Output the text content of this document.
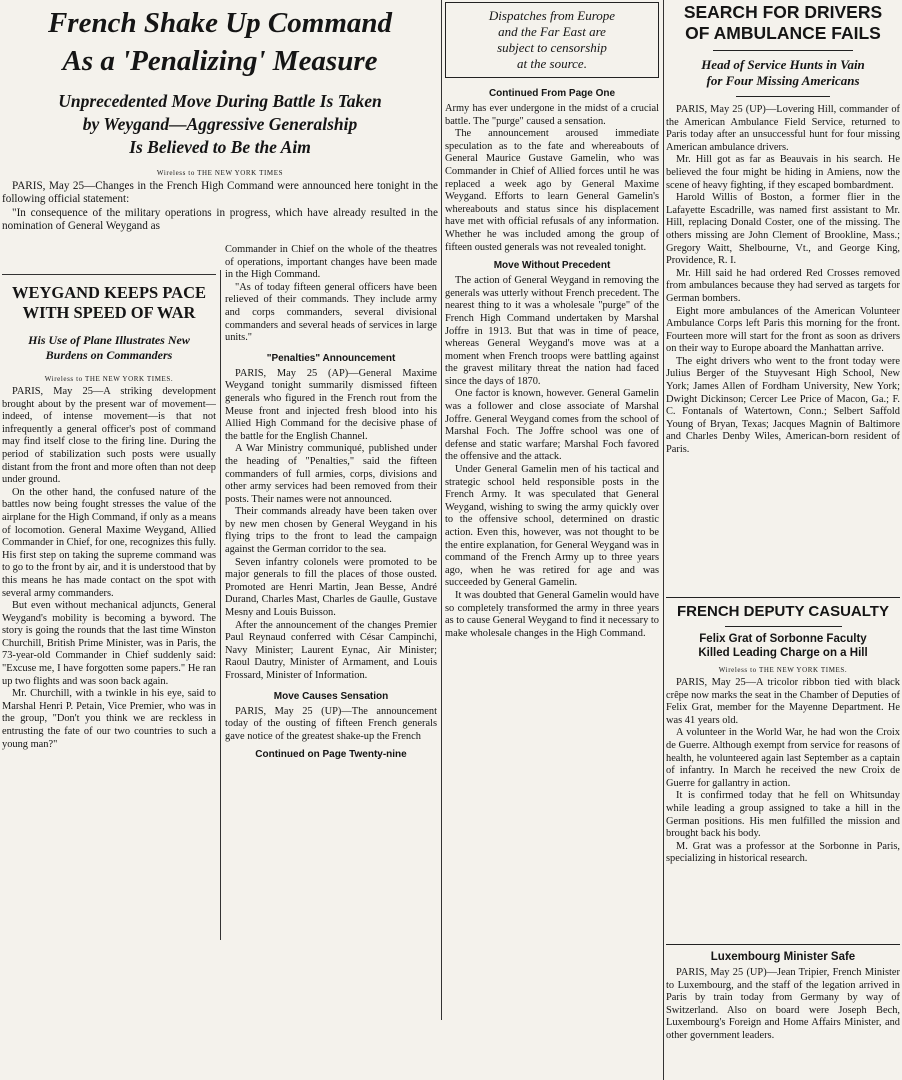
French Shake Up Command
As a 'Penalizing' Measure
Unprecedented Move During Battle Is Taken
by Weygand—Aggressive Generalship
Is Believed to Be the Aim
Wireless to THE NEW YORK TIMES

PARIS, May 25—Changes in the French High Command were announced here tonight in the following official statement:

"In consequence of the military operations in progress, which have already resulted in the nomination of General Weygand as

WEYGAND KEEPS PACE
WITH SPEED OF WAR
His Use of Plane Illustrates New
Burdens on Commanders
Wireless to THE NEW YORK TIMES.

PARIS, May 25—A striking development brought about by the present war of movement—indeed, of intense movement—is that not infrequently a general officer's post of command may find itself close to the firing line. During the period of stabilization such posts were usually distant from the front and more often than not deep under ground.

On the other hand, the confused nature of the battles now being fought stresses the value of the airplane for the High Command, if only as a means of locomotion. General Maxime Weygand, Allied Commander in Chief, for one, recognizes this fully. His first step on taking the supreme command was to go to the front by air, and it is understood that by this means he has made contact on the spot with several army commanders.

But even without mechanical adjuncts, General Weygand's mobility is becoming a byword. The story is going the rounds that the last time Winston Churchill, British Prime Minister, was in Paris, the 73-year-old Commander in Chief suddenly said: "Excuse me, I have forgotten some papers." He ran up two flights and was soon back again.

Mr. Churchill, with a twinkle in his eye, said to Marshal Henri P. Petain, Vice Premier, who was in the group, "Don't you think we are reckless in entrusting the fate of our two countries to such a young man?"

Commander in Chief on the whole of the theatres of operations, important changes have been made in the High Command.

"As of today fifteen general officers have been relieved of their commands. They include army and corps commanders, several divisional commanders and several heads of services in large units."

"Penalties" Announcement

PARIS, May 25 (AP)—General Maxime Weygand tonight summarily dismissed fifteen generals who figured in the French rout from the Meuse front and injected fresh blood into his Allied High Command for the decisive phase of the battle for the English Channel.

A War Ministry communiqué, published under the heading of "Penalties," said the fifteen commanders of full armies, corps, divisions and other army services had been removed from their posts. Their names were not announced.

Their commands already have been taken over by new men chosen by General Weygand in his flying trips to the front to lead the campaign against the German corridor to the sea.

Seven infantry colonels were promoted to be major generals to fill the places of those ousted. Promoted are Henri Martin, Jean Besse, André Durand, Charles Mast, Charles de Gaulle, Gustave Mesny and Louis Buisson.

After the announcement of the changes Premier Paul Reynaud conferred with César Campinchi, Navy Minister; Laurent Eynac, Air Minister; Raoul Dautry, Minister of Armament, and Louis Frossard, Minister of Information.

Move Causes Sensation

PARIS, May 25 (UP)—The announcement today of the ousting of fifteen French generals gave notice of the greatest shake-up the French

Continued on Page Twenty-nine
Dispatches from Europe
and the Far East are
subject to censorship
at the source.
Continued From Page One

Army has ever undergone in the midst of a crucial battle. The "purge" caused a sensation.

The announcement aroused immediate speculation as to the fate and whereabouts of General Maurice Gustave Gamelin, who was Commander in Chief of Allied forces until he was replaced a week ago by General Maxime Weygand. Efforts to learn General Gamelin's whereabouts and status since his displacement have met with official refusals of any information. Whether he was included among the group of fifteen ousted generals was not revealed tonight.

Move Without Precedent

The action of General Weygand in removing the generals was utterly without French precedent. The nearest thing to it was a wholesale "purge" of the French High Command undertaken by Marshal Joffre in 1913. But that was in time of peace, whereas General Weygand's move was at a moment when French troops were battling against the gravest military threat the nation had faced since the days of 1870.

One factor is known, however. General Gamelin was a follower and close associate of Marshal Joffre. General Weygand comes from the school of Marshal Foch. The Joffre school was one of defense and static warfare; Marshal Foch favored the offensive and the attack.

Under General Gamelin men of his tactical and strategic school held responsible posts in the French Army. It was speculated that General Weygand, wishing to swing the army quickly over to the offensive school, determined on drastic action. Even this, however, was not thought to be the entire explanation, for General Weygand was in command of the French Army up to three years ago, when he was retired for age and was succeeded by General Gamelin.

It was doubted that General Gamelin would have so completely transformed the army in three years as to cause General Weygand to find it necessary to make wholesale changes in the High Command.

SEARCH FOR DRIVERS
OF AMBULANCE FAILS
Head of Service Hunts in Vain
for Four Missing Americans

PARIS, May 25 (UP)—Lovering Hill, commander of the American Ambulance Field Service, returned to Paris today after an unsuccessful hunt for four missing American ambulance drivers.

Mr. Hill got as far as Beauvais in his search. He believed the four might be hiding in Amiens, now the scene of heavy fighting, if they escaped bombardment.

Harold Willis of Boston, a former flier in the Lafayette Escadrille, was named first assistant to Mr. Hill, replacing Donald Coster, one of the missing. The others missing are John Clement of Brookline, Mass.; Gregory Waitt, Shelbourne, Vt., and George King, Providence, R. I.

Mr. Hill said he had ordered Red Crosses removed from ambulances because they had served as targets for German bombers.

Eight more ambulances of the American Volunteer Ambulance Corps left Paris this morning for the front. Fourteen more will start for the front as soon as drivers on their way to Europe aboard the Manhattan arrive.

The eight drivers who went to the front today were Julius Berger of the Stuyvesant High School, New York; James Allen of Fordham University, New York; Dwight Dickinson; Cercer Lee Price of Macon, Ga.; F. C. Fontanals of Watertown, Conn.; Selbert Saffold Young of Bryan, Texas; Jacques Magnin of Baltimore and Charles Denby Wiles, American-born resident of Paris.

FRENCH DEPUTY CASUALTY
Felix Grat of Sorbonne Faculty
Killed Leading Charge on a Hill
Wireless to THE NEW YORK TIMES.

PARIS, May 25—A tricolor ribbon tied with black crêpe now marks the seat in the Chamber of Deputies of Felix Grat, member for the Mayenne Department. He was 41 years old.

A volunteer in the World War, he had won the Croix de Guerre. Although exempt from service for reasons of health, he volunteered again last September as a captain of infantry. In March he received the new Croix de Guerre for gallantry in action.

It is confirmed today that he fell on Whitsunday while leading a group assigned to take a hill in the German positions. His men fulfilled the mission and brought back his body.

M. Grat was a professor at the Sorbonne in Paris, specializing in historical research.

Luxembourg Minister Safe

PARIS, May 25 (UP)—Jean Tripier, French Minister to Luxembourg, and the staff of the legation arrived in Paris by train today from Germany by way of Switzerland. Also on board were Joseph Bech, Luxembourg's Foreign and Home Affairs Minister, and other government leaders.
